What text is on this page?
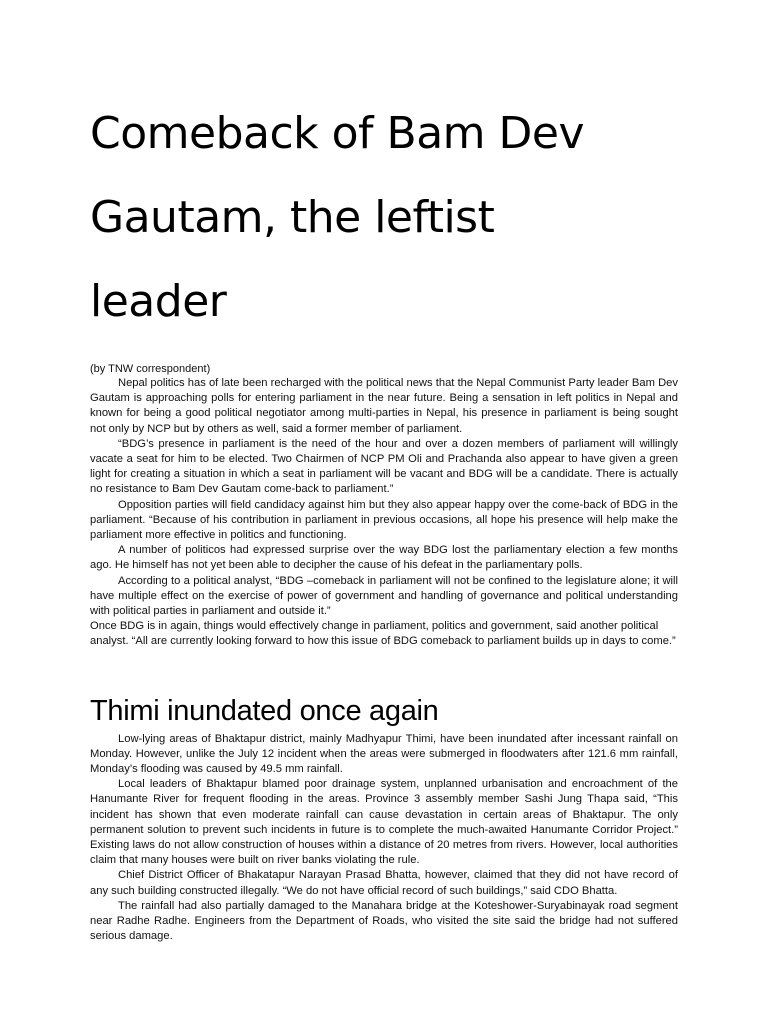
Comeback of Bam Dev
Gautam, the leftist
leader
(by TNW correspondent)

Nepal politics has of late been recharged with the political news that the Nepal Communist Party leader Bam Dev Gautam is approaching polls for entering parliament in the near future. Being a sensation in left politics in Nepal and known for being a good political negotiator among multi-parties in Nepal, his presence in parliament is being sought not only by NCP but by others as well, said a former member of parliament.

“BDG’s presence in parliament is the need of the hour and over a dozen members of parliament will willingly vacate a seat for him to be elected. Two Chairmen of NCP PM Oli and Prachanda also appear to have given a green light for creating a situation in which a seat in parliament will be vacant and BDG will be a candidate. There is actually no resistance to Bam Dev Gautam come-back to parliament.”

Opposition parties will field candidacy against him but they also appear happy over the come-back of BDG in the parliament. “Because of his contribution in parliament in previous occasions, all hope his presence will help make the parliament more effective in politics and functioning.

A number of politicos had expressed surprise over the way BDG lost the parliamentary election a few months ago. He himself has not yet been able to decipher the cause of his defeat in the parliamentary polls.

According to a political analyst, “BDG –comeback in parliament will not be confined to the legislature alone; it will have multiple effect on the exercise of power of government and handling of governance and political understanding with political parties in parliament and outside it.”

Once BDG is in again, things would effectively change in parliament, politics and government, said another political analyst. “All are currently looking forward to how this issue of BDG comeback to parliament builds up in days to come.”

Thimi inundated once again

Low-lying areas of Bhaktapur district, mainly Madhyapur Thimi, have been inundated after incessant rainfall on Monday. However, unlike the July 12 incident when the areas were submerged in floodwaters after 121.6 mm rainfall, Monday’s flooding was caused by 49.5 mm rainfall.

Local leaders of Bhaktapur blamed poor drainage system, unplanned urbanisation and encroachment of the Hanumante River for frequent flooding in the areas. Province 3 assembly member Sashi Jung Thapa said, “This incident has shown that even moderate rainfall can cause devastation in certain areas of Bhaktapur. The only permanent solution to prevent such incidents in future is to complete the much-awaited Hanumante Corridor Project.” Existing laws do not allow construction of houses within a distance of 20 metres from rivers. However, local authorities claim that many houses were built on river banks violating the rule.

Chief District Officer of Bhakatapur Narayan Prasad Bhatta, however, claimed that they did not have record of any such building constructed illegally. “We do not have official record of such buildings,” said CDO Bhatta.

The rainfall had also partially damaged to the Manahara bridge at the Koteshower-Suryabinayak road segment near Radhe Radhe. Engineers from the Department of Roads, who visited the site said the bridge had not suffered serious damage.
